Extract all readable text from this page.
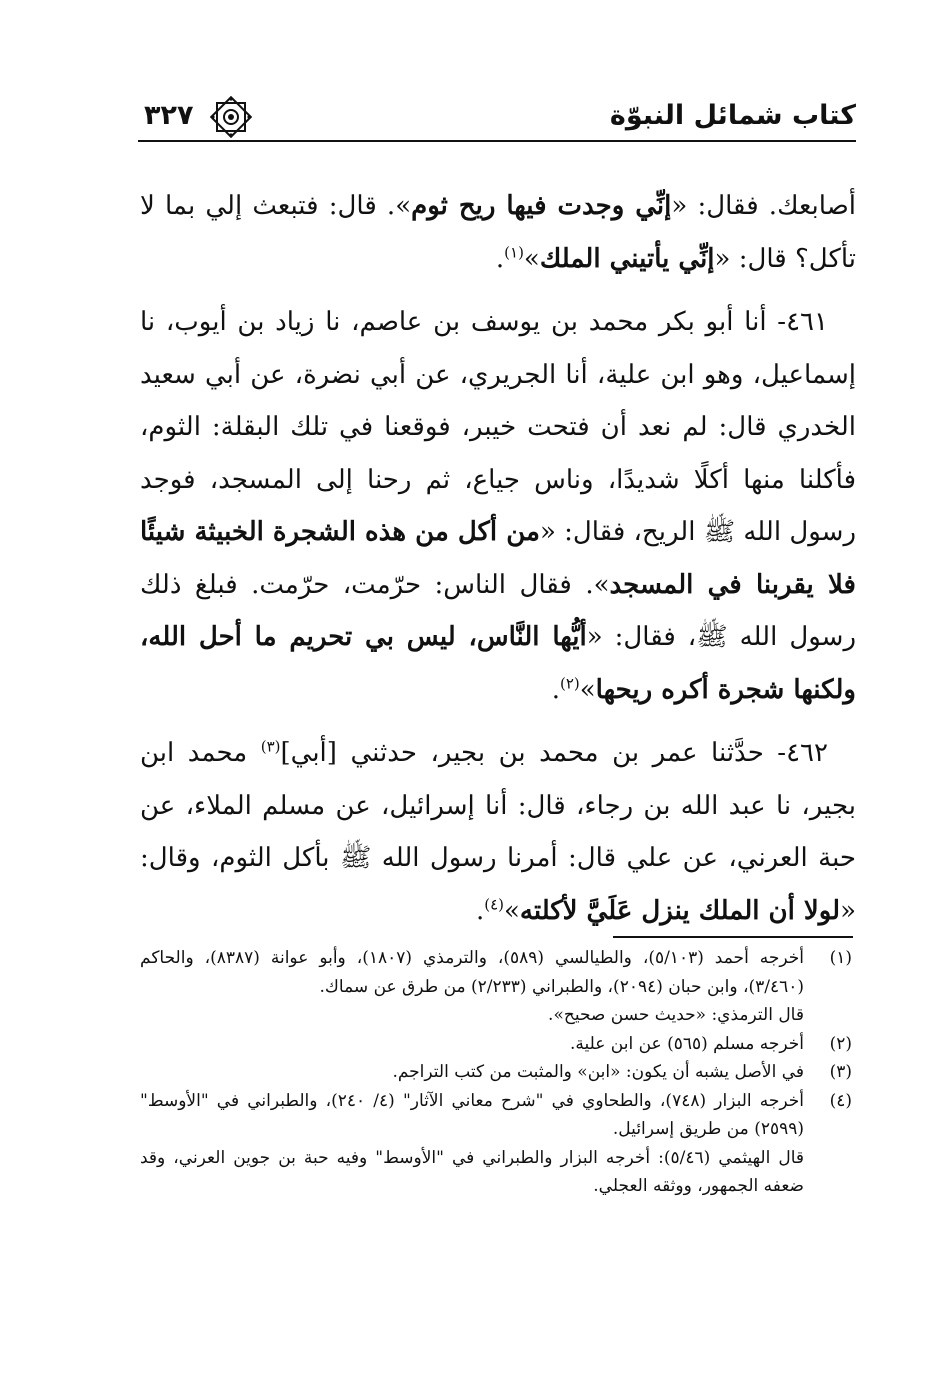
كتاب شمائل النبوّة
٣٢٧

أصابعك. فقال: «إنِّي وجدت فيها ريح ثوم». قال: فتبعث إلي بما لا تأكل؟ قال: «إنِّي يأتيني الملك»$^{(١)}$.

٤٦١- أنا أبو بكر محمد بن يوسف بن عاصم، نا زياد بن أيوب، نا إسماعيل، وهو ابن علية، أنا الجريري، عن أبي نضرة، عن أبي سعيد الخدري قال: لم نعد أن فتحت خيبر، فوقعنا في تلك البقلة: الثوم، فأكلنا منها أكلًا شديدًا، وناس جياع، ثم رحنا إلى المسجد، فوجد رسول الله ﷺ الريح، فقال: «من أكل من هذه الشجرة الخبيثة شيئًا فلا يقربنا في المسجد». فقال الناس: حرّمت، حرّمت. فبلغ ذلك رسول الله ﷺ، فقال: «أيُّها النَّاس، ليس بي تحريم ما أحل الله، ولكنها شجرة أكره ريحها»$^{(٢)}$.

٤٦٢- حدَّثنا عمر بن محمد بن بجير، حدثني [أبي]$^{(٣)}$ محمد ابن بجير، نا عبد الله بن رجاء، قال: أنا إسرائيل، عن مسلم الملاء، عن حبة العرني، عن علي قال: أمرنا رسول الله ﷺ بأكل الثوم، وقال: «لولا أن الملك ينزل عَلَيَّ لأكلته»$^{(٤)}$.

(١)
أخرجه أحمد (٥/١٠٣)، والطيالسي (٥٨٩)، والترمذي (١٨٠٧)، وأبو عوانة (٨٣٨٧)، والحاكم (٣/٤٦٠)، وابن حبان (٢٠٩٤)، والطبراني (٢/٢٣٣) من طرق عن سماك.
قال الترمذي: «حديث حسن صحيح».
(٢)
أخرجه مسلم (٥٦٥) عن ابن علية.
(٣)
في الأصل يشبه أن يكون: «ابن» والمثبت من كتب التراجم.
(٤)
أخرجه البزار (٧٤٨)، والطحاوي في "شرح معاني الآثار" (٤/ ٢٤٠)، والطبراني في "الأوسط" (٢٥٩٩) من طريق إسرائيل.
قال الهيثمي (٥/٤٦): أخرجه البزار والطبراني في "الأوسط" وفيه حبة بن جوين العرني، وقد ضعفه الجمهور، ووثقه العجلي.
